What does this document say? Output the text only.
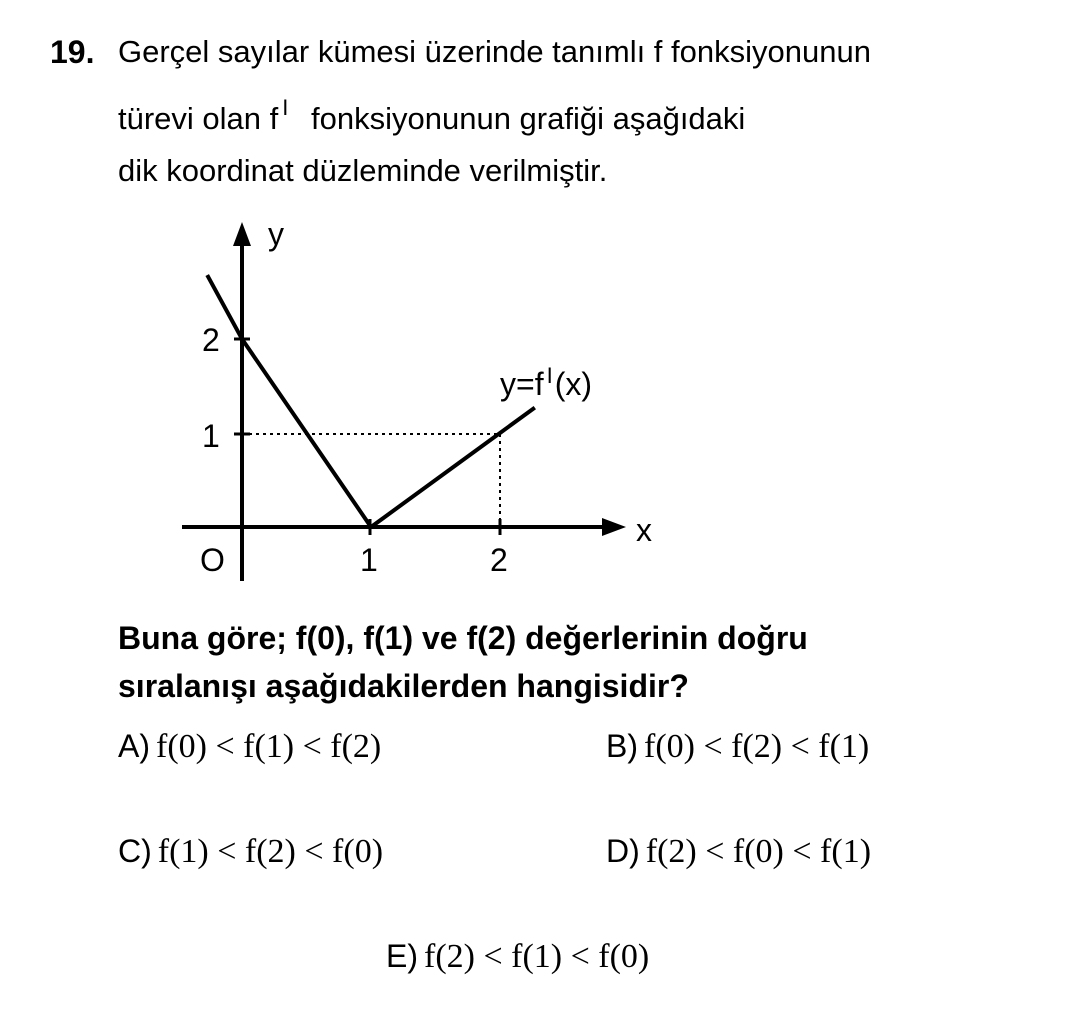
19. Gerçel sayılar kümesi üzerinde tanımlı f fonksiyonunun
türevi olan f $^I$ fonksiyonunun grafiği aşağıdaki
dik koordinat düzleminde verilmiştir.
y
x
O	1	2
1
2
y=f $^I$(x)
Buna göre; f(0), f(1) ve f(2) değerlerinin doğru
sıralanışı aşağıdakilerden hangisidir?
A) f(0) < f(1) < f(2)	B) f(0) < f(2) < f(1)
C) f(1) < f(2) < f(0)	D) f(2) < f(0) < f(1)
E) f(2) < f(1) < f(0)
